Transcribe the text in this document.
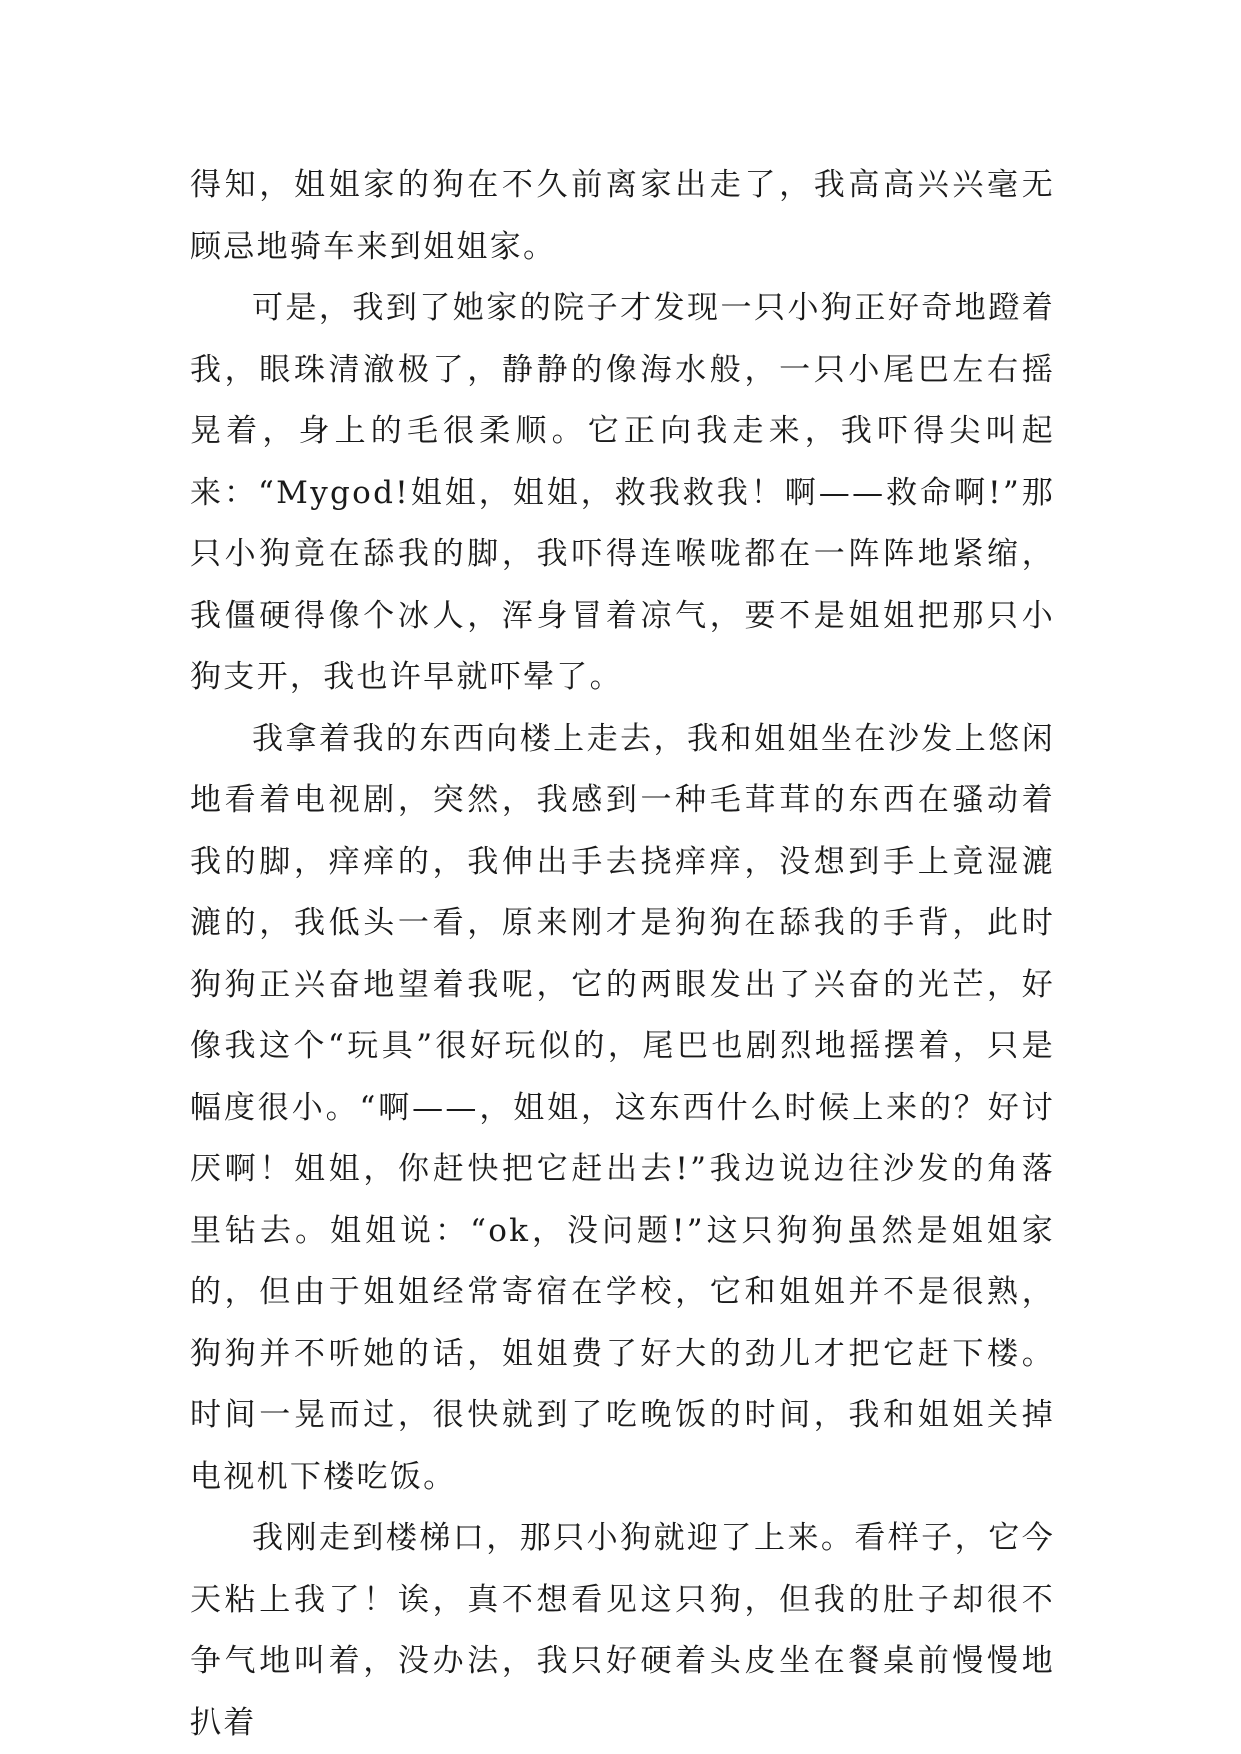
得知，姐姐家的狗在不久前离家出走了，我高高兴兴毫无顾忌地骑车来到姐姐家。

可是，我到了她家的院子才发现一只小狗正好奇地蹬着我，眼珠清澈极了，静静的像海水般，一只小尾巴左右摇晃着，身上的毛很柔顺。它正向我走来，我吓得尖叫起来：“Mygod!姐姐，姐姐，救我救我！啊——救命啊!”那只小狗竟在舔我的脚，我吓得连喉咙都在一阵阵地紧缩，我僵硬得像个冰人，浑身冒着凉气，要不是姐姐把那只小狗支开，我也许早就吓晕了。

我拿着我的东西向楼上走去，我和姐姐坐在沙发上悠闲地看着电视剧，突然，我感到一种毛茸茸的东西在骚动着我的脚，痒痒的，我伸出手去挠痒痒，没想到手上竟湿漉漉的，我低头一看，原来刚才是狗狗在舔我的手背，此时狗狗正兴奋地望着我呢，它的两眼发出了兴奋的光芒，好像我这个“玩具”很好玩似的，尾巴也剧烈地摇摆着，只是幅度很小。“啊——，姐姐，这东西什么时候上来的？好讨厌啊！姐姐，你赶快把它赶出去!”我边说边往沙发的角落里钻去。姐姐说：“ok，没问题!”这只狗狗虽然是姐姐家的，但由于姐姐经常寄宿在学校，它和姐姐并不是很熟，狗狗并不听她的话，姐姐费了好大的劲儿才把它赶下楼。时间一晃而过，很快就到了吃晚饭的时间，我和姐姐关掉电视机下楼吃饭。

我刚走到楼梯口，那只小狗就迎了上来。看样子，它今天粘上我了！诶，真不想看见这只狗，但我的肚子却很不争气地叫着，没办法，我只好硬着头皮坐在餐桌前慢慢地扒着
